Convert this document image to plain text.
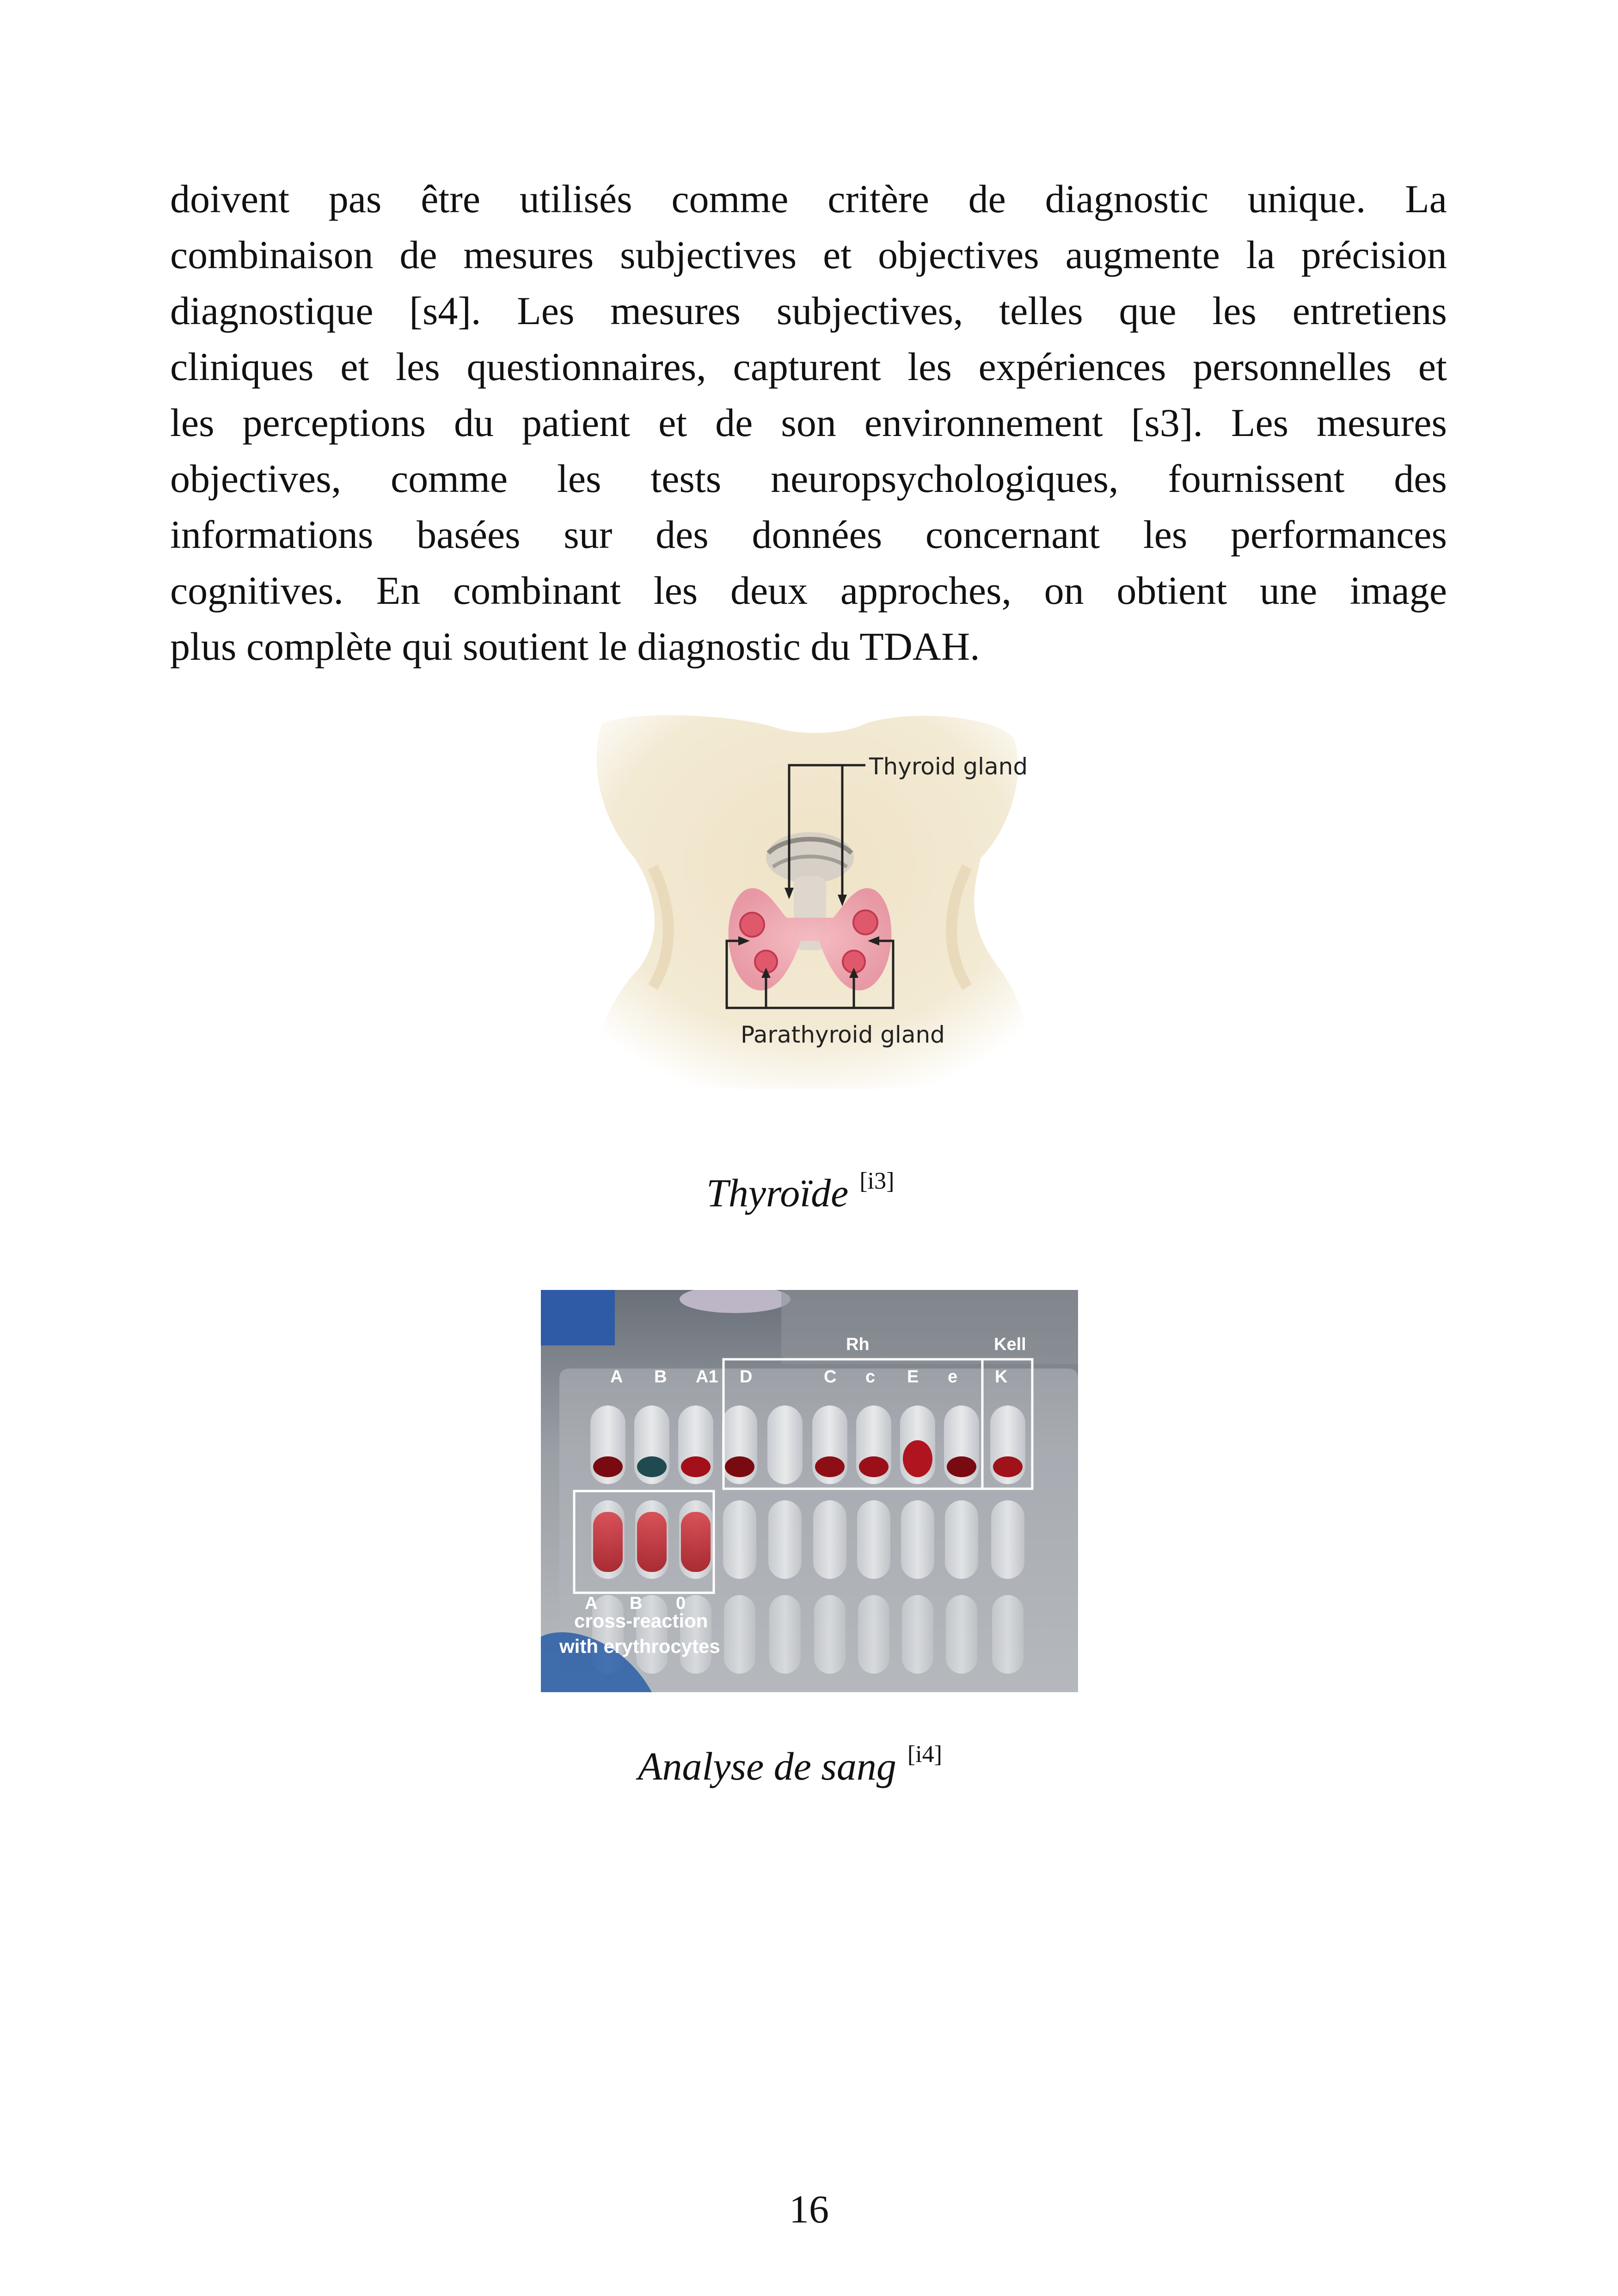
doivent pas être utilisés comme critère de diagnostic unique. La
combinaison de mesures subjectives et objectives augmente la précision
diagnostique [s4]. Les mesures subjectives, telles que les entretiens
cliniques et les questionnaires, capturent les expériences personnelles et
les perceptions du patient et de son environnement [s3]. Les mesures
objectives, comme les tests neuropsychologiques, fournissent des
informations basées sur des données concernant les performances
cognitives. En combinant les deux approches, on obtient une image
plus complète qui soutient le diagnostic du TDAH.

Thyroid gland
Parathyroid gland
Thyroïde [i3]
Rh	Kell
A B A1 D	C c E e K
A B 0
cross-reaction
with erythrocytes
Analyse de sang [i4]
16
